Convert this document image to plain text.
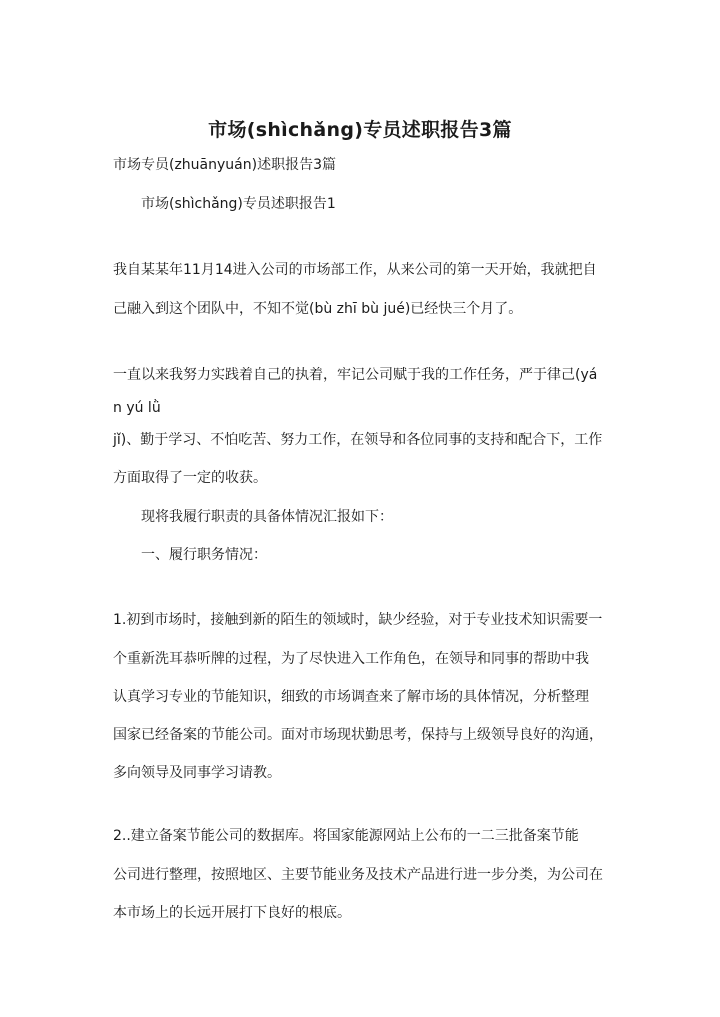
市场(shìchǎng)专员述职报告3篇
市场专员(zhuānyuán)述职报告3篇
市场(shìchǎng)专员述职报告1
我自某某年11月14进入公司的市场部工作，从来公司的第一天开始，我就把自
己融入到这个团队中，不知不觉(bù zhī bù jué)已经快三个月了。
一直以来我努力实践着自己的执着，牢记公司赋于我的工作任务，严于律己(yá
n yú lǜ
jǐ)、勤于学习、不怕吃苦、努力工作，在领导和各位同事的支持和配合下，工作
方面取得了一定的收获。
现将我履行职责的具备体情况汇报如下：
一、履行职务情况：
1.初到市场时，接触到新的陌生的领域时，缺少经验，对于专业技术知识需要一
个重新洗耳恭听牌的过程，为了尽快进入工作角色，在领导和同事的帮助中我
认真学习专业的节能知识，细致的市场调查来了解市场的具体情况，分析整理
国家已经备案的节能公司。面对市场现状勤思考，保持与上级领导良好的沟通，
多向领导及同事学习请教。
2..建立备案节能公司的数据库。将国家能源网站上公布的一二三批备案节能
公司进行整理，按照地区、主要节能业务及技术产品进行进一步分类，为公司在
本市场上的长远开展打下良好的根底。
